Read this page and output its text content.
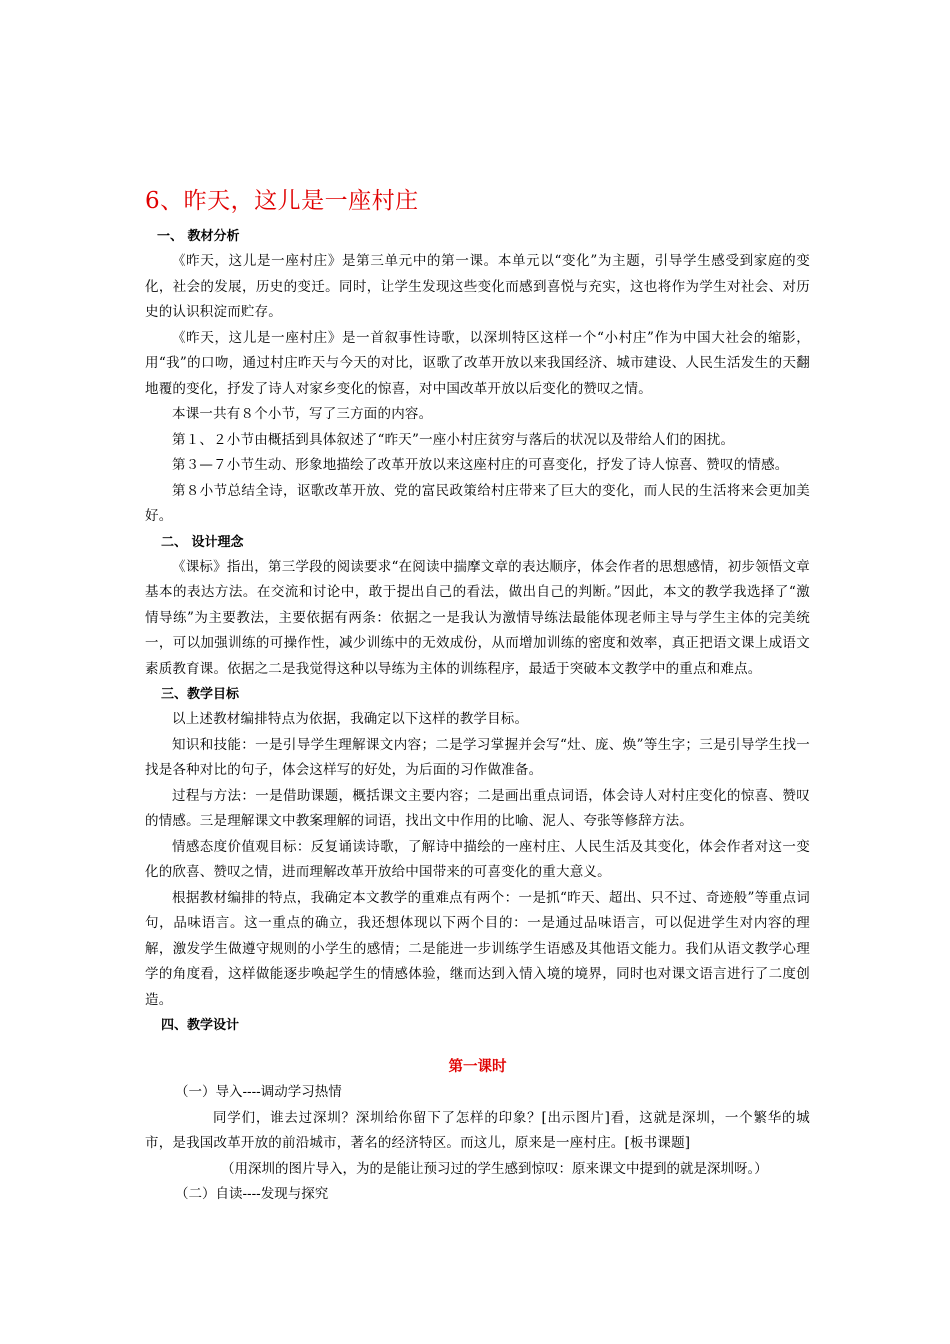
6、昨天，这儿是一座村庄
一、 教材分析

《昨天，这儿是一座村庄》是第三单元中的第一课。本单元以“变化”为主题，引导学生感受到家庭的变化，社会的发展，历史的变迁。同时，让学生发现这些变化而感到喜悦与充实，这也将作为学生对社会、对历史的认识积淀而贮存。

《昨天，这儿是一座村庄》是一首叙事性诗歌，以深圳特区这样一个“小村庄”作为中国大社会的缩影，用“我”的口吻，通过村庄昨天与今天的对比，讴歌了改革开放以来我国经济、城市建设、人民生活发生的天翻地覆的变化，抒发了诗人对家乡变化的惊喜，对中国改革开放以后变化的赞叹之情。

本课一共有８个小节，写了三方面的内容。

第１、２小节由概括到具体叙述了“昨天”一座小村庄贫穷与落后的状况以及带给人们的困扰。

第３—７小节生动、形象地描绘了改革开放以来这座村庄的可喜变化，抒发了诗人惊喜、赞叹的情感。

第８小节总结全诗，讴歌改革开放、党的富民政策给村庄带来了巨大的变化，而人民的生活将来会更加美好。

二、 设计理念

《课标》指出，第三学段的阅读要求“在阅读中揣摩文章的表达顺序，体会作者的思想感情，初步领悟文章基本的表达方法。在交流和讨论中，敢于提出自己的看法，做出自己的判断。”因此，本文的教学我选择了“激情导练”为主要教法，主要依据有两条：依据之一是我认为激情导练法最能体现老师主导与学生主体的完美统一，可以加强训练的可操作性，减少训练中的无效成份，从而增加训练的密度和效率，真正把语文课上成语文素质教育课。依据之二是我觉得这种以导练为主体的训练程序，最适于突破本文教学中的重点和难点。

三、教学目标

以上述教材编排特点为依据，我确定以下这样的教学目标。

知识和技能：一是引导学生理解课文内容；二是学习掌握并会写“灶、庞、焕”等生字；三是引导学生找一找是各种对比的句子，体会这样写的好处，为后面的习作做准备。

过程与方法：一是借助课题，概括课文主要内容；二是画出重点词语，体会诗人对村庄变化的惊喜、赞叹的情感。三是理解课文中教案理解的词语，找出文中作用的比喻、泥人、夸张等修辞方法。

情感态度价值观目标：反复诵读诗歌，了解诗中描绘的一座村庄、人民生活及其变化，体会作者对这一变化的欣喜、赞叹之情，进而理解改革开放给中国带来的可喜变化的重大意义。

根据教材编排的特点，我确定本文教学的重难点有两个：一是抓“昨天、超出、只不过、奇迹般”等重点词句，品味语言。这一重点的确立，我还想体现以下两个目的：一是通过品味语言，可以促进学生对内容的理解，激发学生做遵守规则的小学生的感情；二是能进一步训练学生语感及其他语文能力。我们从语文教学心理学的角度看，这样做能逐步唤起学生的情感体验，继而达到入情入境的境界，同时也对课文语言进行了二度创造。

四、教学设计
第一课时
（一）导入----调动学习热情

同学们，谁去过深圳？深圳给你留下了怎样的印象？[出示图片]看，这就是深圳，一个繁华的城市，是我国改革开放的前沿城市，著名的经济特区。而这儿，原来是一座村庄。[板书课题]

（用深圳的图片导入，为的是能让预习过的学生感到惊叹：原来课文中提到的就是深圳呀。）
（二）自读----发现与探究
